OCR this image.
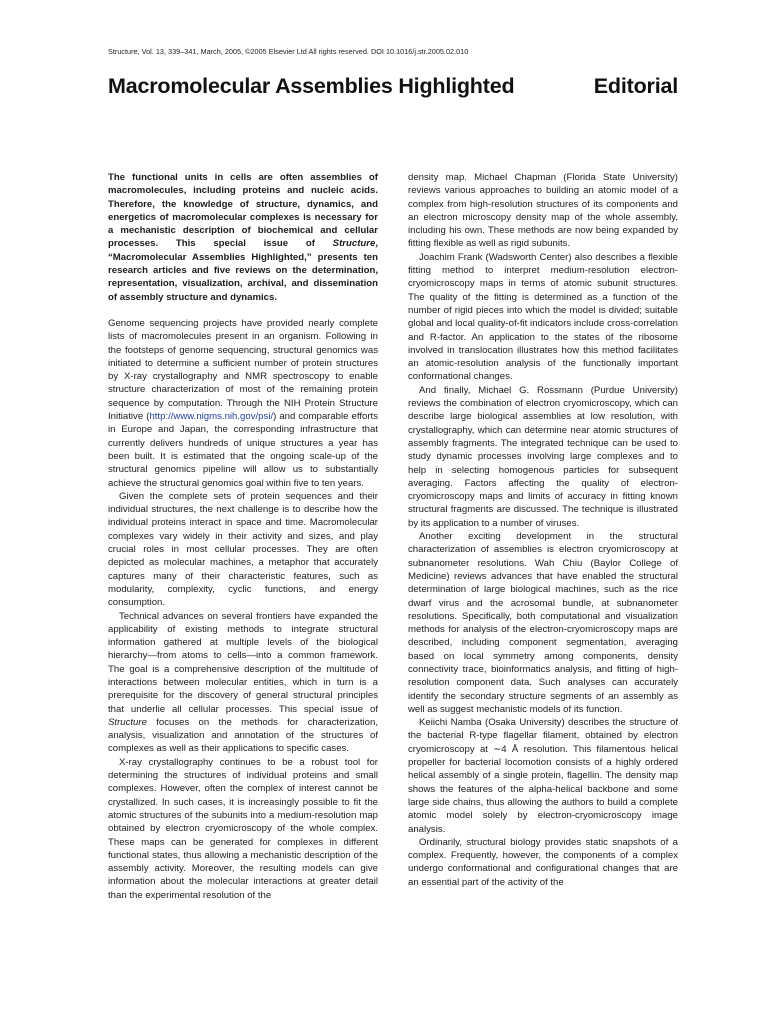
Structure, Vol. 13, 339–341, March, 2005, ©2005 Elsevier Ltd All rights reserved. DOI 10.1016/j.str.2005.02.010
Macromolecular Assemblies Highlighted	Editorial

The functional units in cells are often assemblies of macromolecules, including proteins and nucleic acids. Therefore, the knowledge of structure, dynamics, and energetics of macromolecular complexes is necessary for a mechanistic description of biochemical and cellular processes. This special issue of Structure, “Macromolecular Assemblies Highlighted,” presents ten research articles and five reviews on the determination, representation, visualization, archival, and dissemination of assembly structure and dynamics.

Genome sequencing projects have provided nearly complete lists of macromolecules present in an organism. Following in the footsteps of genome sequencing, structural genomics was initiated to determine a sufficient number of protein structures by X-ray crystallography and NMR spectroscopy to enable structure characterization of most of the remaining protein sequence by computation. Through the NIH Protein Structure Initiative (http://www.nigms.nih.gov/psi/) and comparable efforts in Europe and Japan, the corresponding infrastructure that currently delivers hundreds of unique structures a year has been built. It is estimated that the ongoing scale-up of the structural genomics pipeline will allow us to substantially achieve the structural genomics goal within five to ten years.

Given the complete sets of protein sequences and their individual structures, the next challenge is to describe how the individual proteins interact in space and time. Macromolecular complexes vary widely in their activity and sizes, and play crucial roles in most cellular processes. They are often depicted as molecular machines, a metaphor that accurately captures many of their characteristic features, such as modularity, complexity, cyclic functions, and energy consumption.

Technical advances on several frontiers have expanded the applicability of existing methods to integrate structural information gathered at multiple levels of the biological hierarchy—from atoms to cells—into a common framework. The goal is a comprehensive description of the multitude of interactions between molecular entities, which in turn is a prerequisite for the discovery of general structural principles that underlie all cellular processes. This special issue of Structure focuses on the methods for characterization, analysis, visualization and annotation of the structures of complexes as well as their applications to specific cases.

X-ray crystallography continues to be a robust tool for determining the structures of individual proteins and small complexes. However, often the complex of interest cannot be crystallized. In such cases, it is increasingly possible to fit the atomic structures of the subunits into a medium-resolution map obtained by electron cryomicroscopy of the whole complex. These maps can be generated for complexes in different functional states, thus allowing a mechanistic description of the assembly activity. Moreover, the resulting models can give information about the molecular interactions at greater detail than the experimental resolution of the

density map. Michael Chapman (Florida State University) reviews various approaches to building an atomic model of a complex from high-resolution structures of its components and an electron microscopy density map of the whole assembly, including his own. These methods are now being expanded by fitting flexible as well as rigid subunits.

Joachim Frank (Wadsworth Center) also describes a flexible fitting method to interpret medium-resolution electron-cryomicroscopy maps in terms of atomic subunit structures. The quality of the fitting is determined as a function of the number of rigid pieces into which the model is divided; suitable global and local quality-of-fit indicators include cross-correlation and R-factor. An application to the states of the ribosome involved in translocation illustrates how this method facilitates an atomic-resolution analysis of the functionally important conformational changes.

And finally, Michael G. Rossmann (Purdue University) reviews the combination of electron cryomicroscopy, which can describe large biological assemblies at low resolution, with crystallography, which can determine near atomic structures of assembly fragments. The integrated technique can be used to study dynamic processes involving large complexes and to help in selecting homogenous particles for subsequent averaging. Factors affecting the quality of electron-cryomicroscopy maps and limits of accuracy in fitting known structural fragments are discussed. The technique is illustrated by its application to a number of viruses.

Another exciting development in the structural characterization of assemblies is electron cryomicroscopy at subnanometer resolutions. Wah Chiu (Baylor College of Medicine) reviews advances that have enabled the structural determination of large biological machines, such as the rice dwarf virus and the acrosomal bundle, at subnanometer resolutions. Specifically, both computational and visualization methods for analysis of the electron-cryomicroscopy maps are described, including component segmentation, averaging based on local symmetry among components, density connectivity trace, bioinformatics analysis, and fitting of high-resolution component data. Such analyses can accurately identify the secondary structure segments of an assembly as well as suggest mechanistic models of its function.

Keiichi Namba (Osaka University) describes the structure of the bacterial R-type flagellar filament, obtained by electron cryomicroscopy at ∼4 Å resolution. This filamentous helical propeller for bacterial locomotion consists of a highly ordered helical assembly of a single protein, flagellin. The density map shows the features of the alpha-helical backbone and some large side chains, thus allowing the authors to build a complete atomic model solely by electron-cryomicroscopy image analysis.

Ordinarily, structural biology provides static snapshots of a complex. Frequently, however, the components of a complex undergo conformational and configurational changes that are an essential part of the activity of the
